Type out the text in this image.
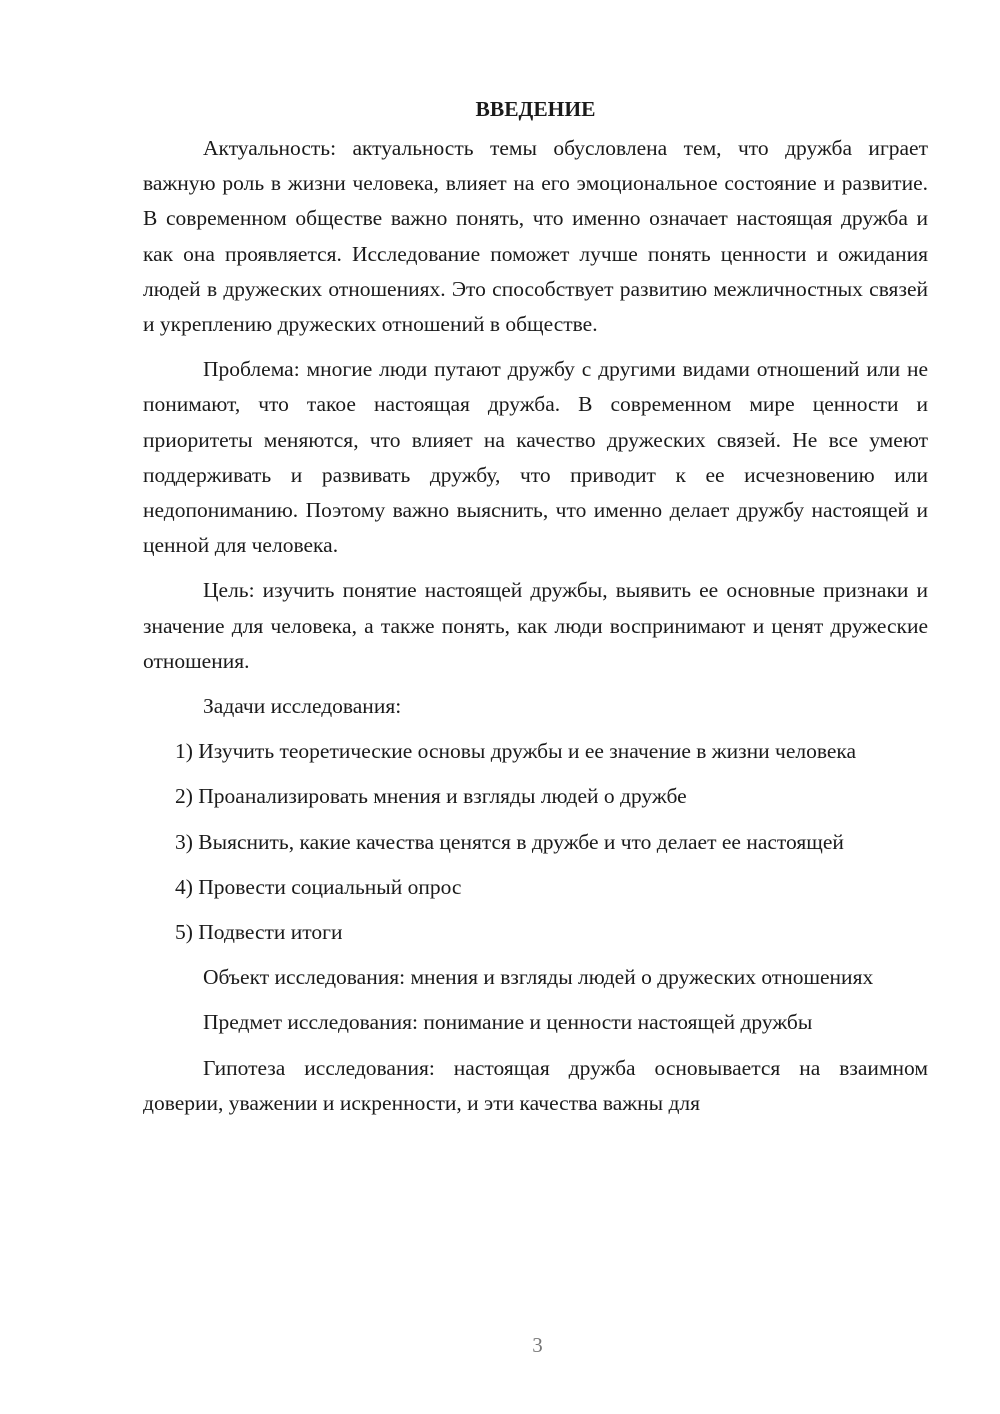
ВВЕДЕНИЕ

Актуальность: актуальность темы обусловлена тем, что дружба играет важную роль в жизни человека, влияет на его эмоциональное состояние и развитие. В современном обществе важно понять, что именно означает настоящая дружба и как она проявляется. Исследование поможет лучше понять ценности и ожидания людей в дружеских отношениях. Это способствует развитию межличностных связей и укреплению дружеских отношений в обществе.

Проблема: многие люди путают дружбу с другими видами отношений или не понимают, что такое настоящая дружба. В современном мире ценности и приоритеты меняются, что влияет на качество дружеских связей. Не все умеют поддерживать и развивать дружбу, что приводит к ее исчезновению или недопониманию. Поэтому важно выяснить, что именно делает дружбу настоящей и ценной для человека.

Цель: изучить понятие настоящей дружбы, выявить ее основные признаки и значение для человека, а также понять, как люди воспринимают и ценят дружеские отношения.

Задачи исследования:

1) Изучить теоретические основы дружбы и ее значение в жизни человека

2) Проанализировать мнения и взгляды людей о дружбе

3) Выяснить, какие качества ценятся в дружбе и что делает ее настоящей

4) Провести социальный опрос

5) Подвести итоги

Объект исследования: мнения и взгляды людей о дружеских отношениях

Предмет исследования: понимание и ценности настоящей дружбы

Гипотеза исследования: настоящая дружба основывается на взаимном доверии, уважении и искренности, и эти качества важны для

3
